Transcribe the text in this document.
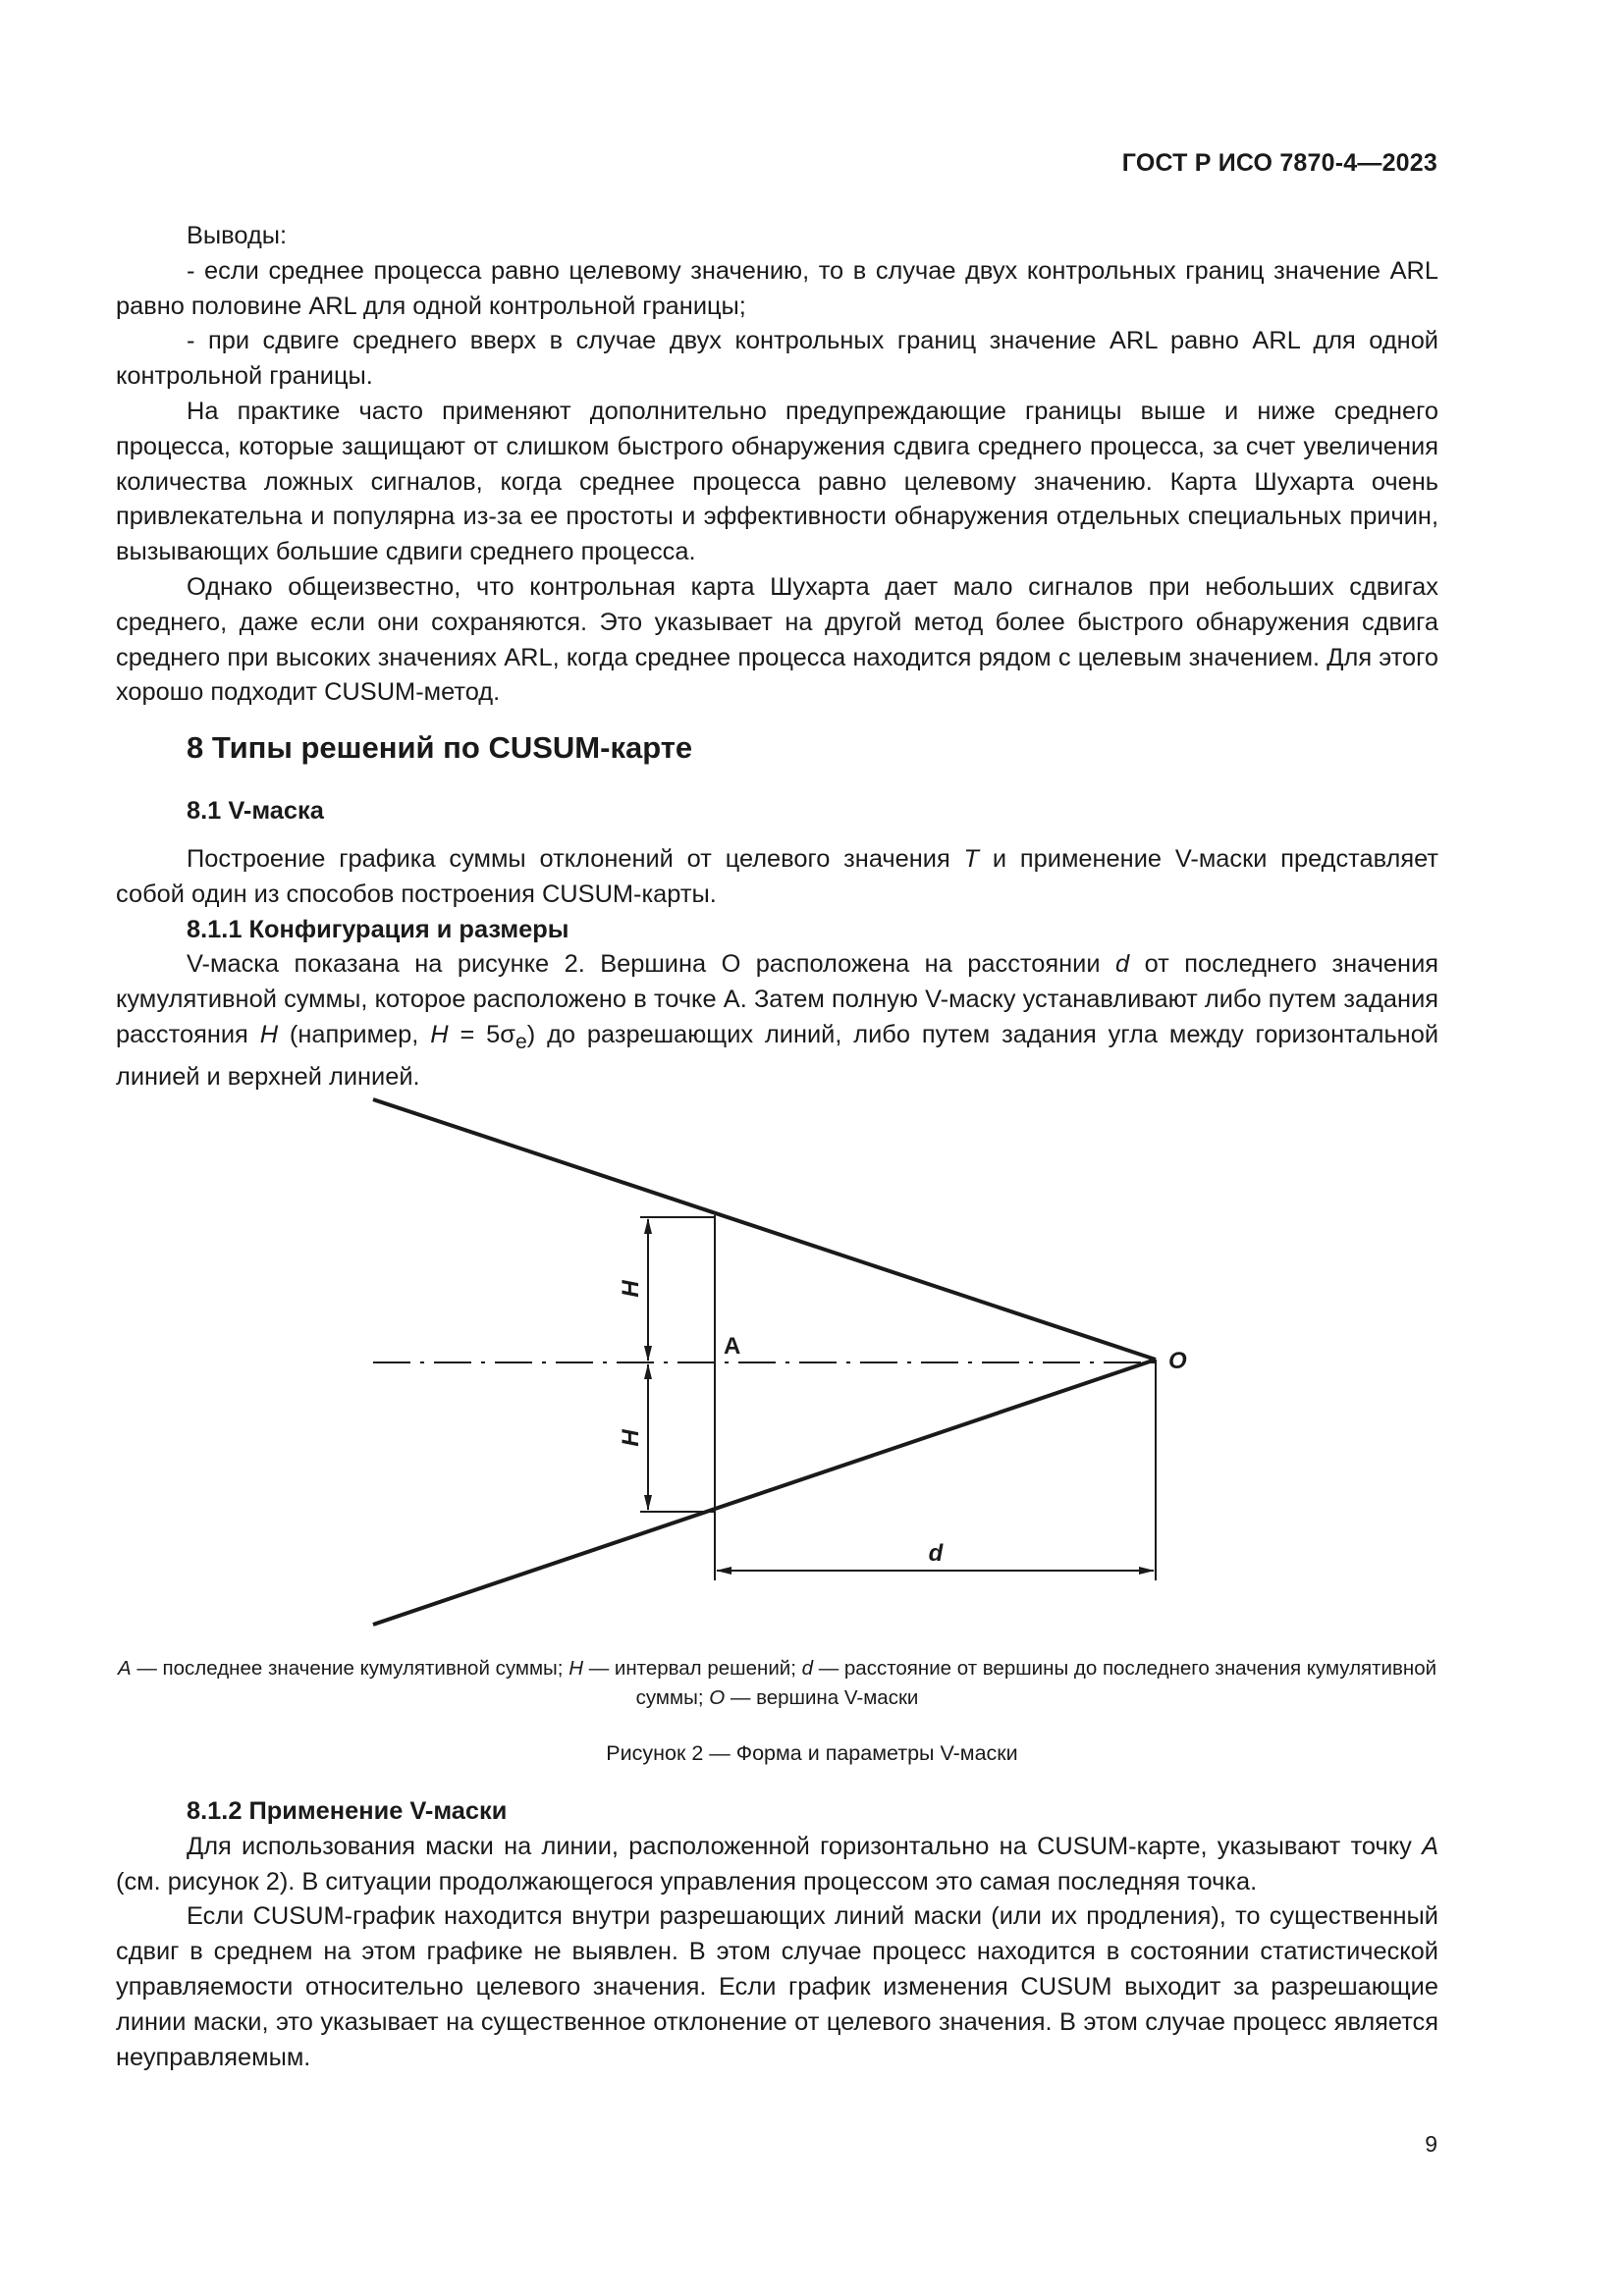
ГОСТ Р ИСО 7870-4—2023

Выводы:

- если среднее процесса равно целевому значению, то в случае двух контрольных границ значение ARL равно половине ARL для одной контрольной границы;

- при сдвиге среднего вверх в случае двух контрольных границ значение ARL равно ARL для одной контрольной границы.

На практике часто применяют дополнительно предупреждающие границы выше и ниже среднего процесса, которые защищают от слишком быстрого обнаружения сдвига среднего процесса, за счет увеличения количества ложных сигналов, когда среднее процесса равно целевому значению. Карта Шухарта очень привлекательна и популярна из-за ее простоты и эффективности обнаружения отдельных специальных причин, вызывающих большие сдвиги среднего процесса.

Однако общеизвестно, что контрольная карта Шухарта дает мало сигналов при небольших сдвигах среднего, даже если они сохраняются. Это указывает на другой метод более быстрого обнаружения сдвига среднего при высоких значениях ARL, когда среднее процесса находится рядом с целевым значением. Для этого хорошо подходит CUSUM-метод.

8 Типы решений по CUSUM-карте
8.1 V-маска

Построение графика суммы отклонений от целевого значения T и применение V-маски представляет собой один из способов построения CUSUM-карты.

8.1.1 Конфигурация и размеры

V-маска показана на рисунке 2. Вершина О расположена на расстоянии d от последнего значения кумулятивной суммы, которое расположено в точке А. Затем полную V-маску устанавливают либо путем задания расстояния H (например, $H = 5\sigma_e$) до разрешающих линий, либо путем задания угла между горизонтальной линией и верхней линией.

H
H
A
O
d
A — последнее значение кумулятивной суммы; H — интервал решений; d — расстояние от вершины до последнего значения кумулятивной суммы; O — вершина V-маски
Рисунок 2 — Форма и параметры V-маски

8.1.2 Применение V-маски

Для использования маски на линии, расположенной горизонтально на CUSUM-карте, указывают точку А (см. рисунок 2). В ситуации продолжающегося управления процессом это самая последняя точка.

Если CUSUM-график находится внутри разрешающих линий маски (или их продления), то существенный сдвиг в среднем на этом графике не выявлен. В этом случае процесс находится в состоянии статистической управляемости относительно целевого значения. Если график изменения CUSUM выходит за разрешающие линии маски, это указывает на существенное отклонение от целевого значения. В этом случае процесс является неуправляемым.

9
